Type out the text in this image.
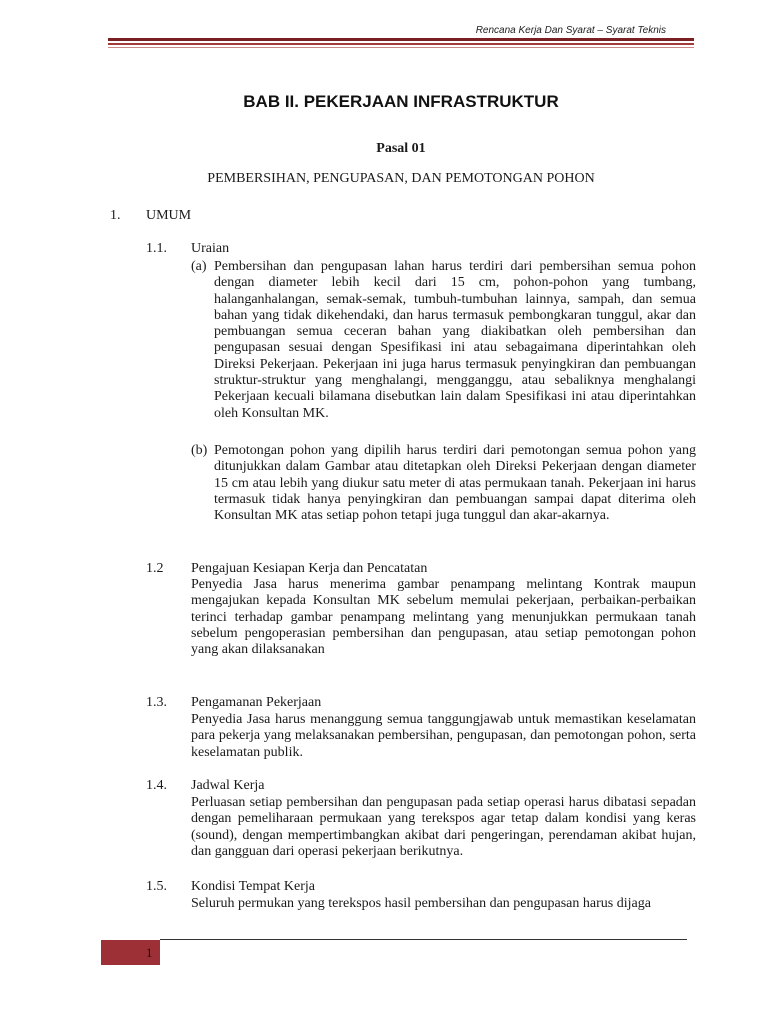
Rencana Kerja Dan Syarat – Syarat Teknis
BAB II. PEKERJAAN INFRASTRUKTUR
Pasal 01
PEMBERSIHAN, PENGUPASAN, DAN PEMOTONGAN POHON
1. UMUM
1.1. Uraian
(a) Pembersihan dan pengupasan lahan harus terdiri dari pembersihan semua pohon dengan diameter lebih kecil dari 15 cm, pohon-pohon yang tumbang, halanganhalangan, semak-semak, tumbuh-tumbuhan lainnya, sampah, dan semua bahan yang tidak dikehendaki, dan harus termasuk pembongkaran tunggul, akar dan pembuangan semua ceceran bahan yang diakibatkan oleh pembersihan dan pengupasan sesuai dengan Spesifikasi ini atau sebagaimana diperintahkan oleh Direksi Pekerjaan. Pekerjaan ini juga harus termasuk penyingkiran dan pembuangan struktur-struktur yang menghalangi, mengganggu, atau sebaliknya menghalangi Pekerjaan kecuali bilamana disebutkan lain dalam Spesifikasi ini atau diperintahkan oleh Konsultan MK.
(b) Pemotongan pohon yang dipilih harus terdiri dari pemotongan semua pohon yang ditunjukkan dalam Gambar atau ditetapkan oleh Direksi Pekerjaan dengan diameter 15 cm atau lebih yang diukur satu meter di atas permukaan tanah. Pekerjaan ini harus termasuk tidak hanya penyingkiran dan pembuangan sampai dapat diterima oleh Konsultan MK atas setiap pohon tetapi juga tunggul dan akar-akarnya.
1.2 Pengajuan Kesiapan Kerja dan Pencatatan
Penyedia Jasa harus menerima gambar penampang melintang Kontrak maupun mengajukan kepada Konsultan MK sebelum memulai pekerjaan, perbaikan-perbaikan terinci terhadap gambar penampang melintang yang menunjukkan permukaan tanah sebelum pengoperasian pembersihan dan pengupasan, atau setiap pemotongan pohon yang akan dilaksanakan
1.3. Pengamanan Pekerjaan
Penyedia Jasa harus menanggung semua tanggungjawab untuk memastikan keselamatan para pekerja yang melaksanakan pembersihan, pengupasan, dan pemotongan pohon, serta keselamatan publik.
1.4. Jadwal Kerja
Perluasan setiap pembersihan dan pengupasan pada setiap operasi harus dibatasi sepadan dengan pemeliharaan permukaan yang terekspos agar tetap dalam kondisi yang keras (sound), dengan mempertimbangkan akibat dari pengeringan, perendaman akibat hujan, dan gangguan dari operasi pekerjaan berikutnya.
1.5. Kondisi Tempat Kerja
Seluruh permukan yang terekspos hasil pembersihan dan pengupasan harus dijaga
1
